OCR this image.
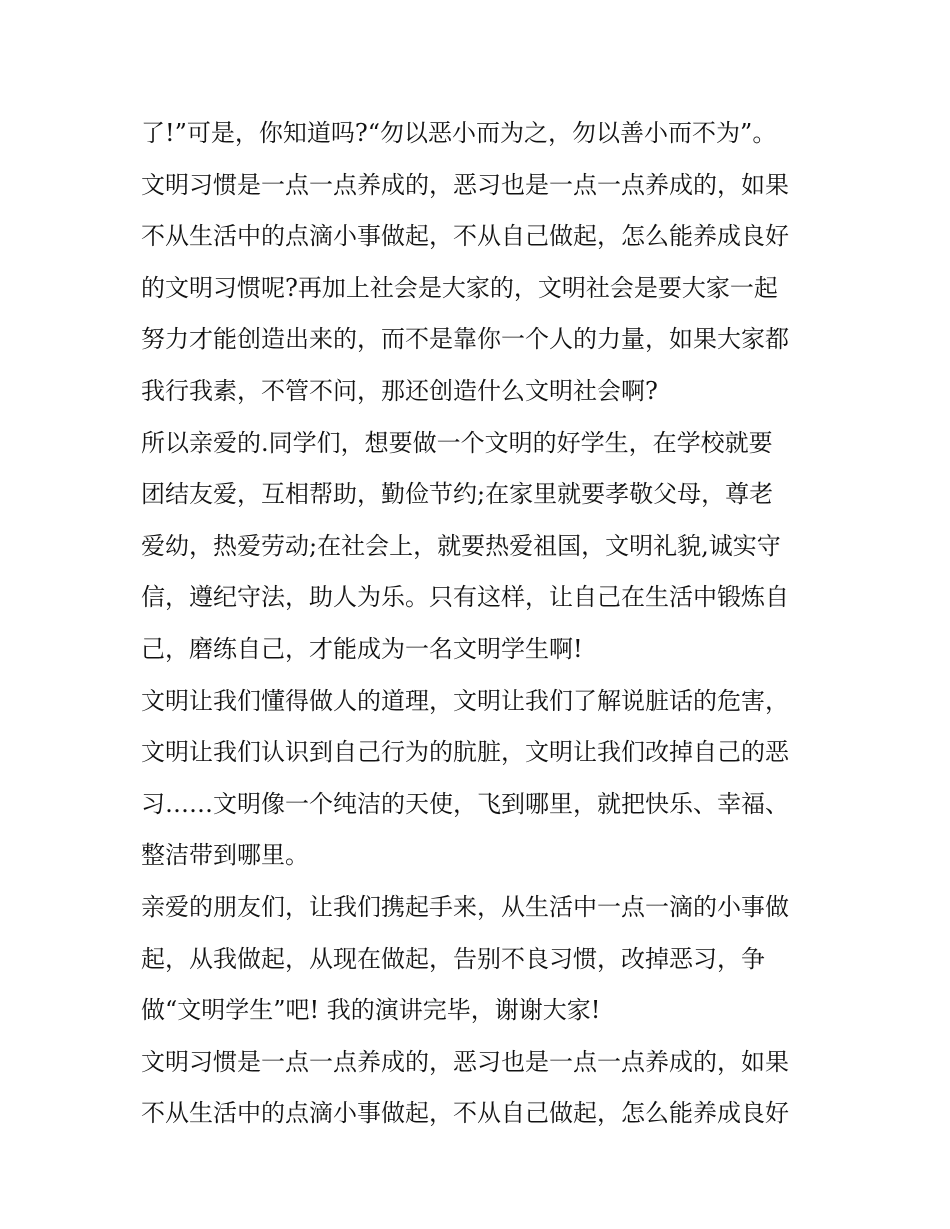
了!”可是，你知道吗?“勿以恶小而为之，勿以善小而不为”。
文明习惯是一点一点养成的，恶习也是一点一点养成的，如果
不从生活中的点滴小事做起，不从自己做起，怎么能养成良好
的文明习惯呢?再加上社会是大家的，文明社会是要大家一起
努力才能创造出来的，而不是靠你一个人的力量，如果大家都
我行我素，不管不问，那还创造什么文明社会啊?
所以亲爱的.同学们，想要做一个文明的好学生，在学校就要
团结友爱，互相帮助，勤俭节约;在家里就要孝敬父母，尊老
爱幼，热爱劳动;在社会上，就要热爱祖国，文明礼貌,诚实守
信，遵纪守法，助人为乐。只有这样，让自己在生活中锻炼自
己，磨练自己，才能成为一名文明学生啊!
文明让我们懂得做人的道理，文明让我们了解说脏话的危害，
文明让我们认识到自己行为的肮脏，文明让我们改掉自己的恶
习……文明像一个纯洁的天使，飞到哪里，就把快乐、幸福、
整洁带到哪里。
亲爱的朋友们，让我们携起手来，从生活中一点一滴的小事做
起，从我做起，从现在做起，告别不良习惯，改掉恶习，争
做“文明学生”吧! 我的演讲完毕，谢谢大家!
文明习惯是一点一点养成的，恶习也是一点一点养成的，如果
不从生活中的点滴小事做起，不从自己做起，怎么能养成良好
